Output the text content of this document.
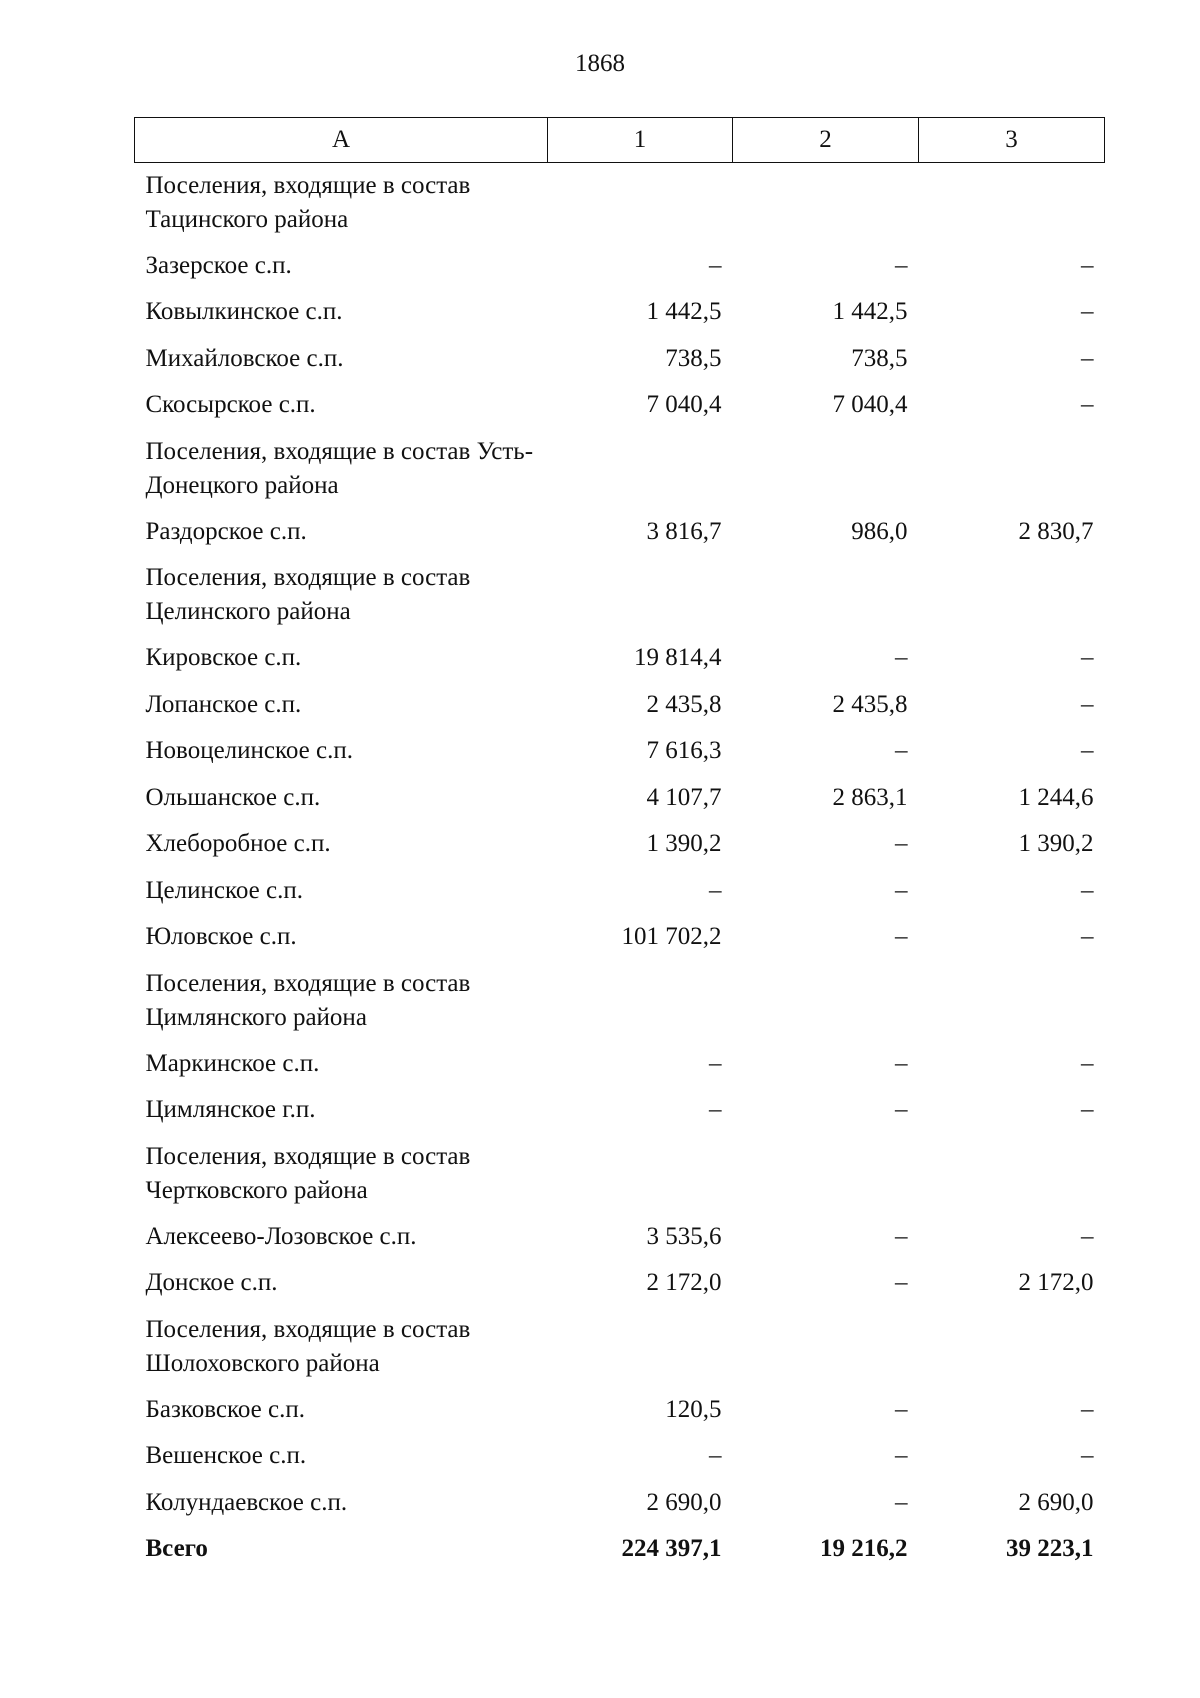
1868
А	1	2	3
Поселения, входящие в состав Тацинского района			
Зазерское с.п.	–	–	–
Ковылкинское с.п.	1 442,5	1 442,5	–
Михайловское с.п.	738,5	738,5	–
Скосырское с.п.	7 040,4	7 040,4	–
Поселения, входящие в состав Усть-Донецкого района			
Раздорское с.п.	3 816,7	986,0	2 830,7
Поселения, входящие в состав Целинского района			
Кировское с.п.	19 814,4	–	–
Лопанское с.п.	2 435,8	2 435,8	–
Новоцелинское с.п.	7 616,3	–	–
Ольшанское с.п.	4 107,7	2 863,1	1 244,6
Хлеборобное с.п.	1 390,2	–	1 390,2
Целинское с.п.	–	–	–
Юловское с.п.	101 702,2	–	–
Поселения, входящие в состав Цимлянского района			
Маркинское с.п.	–	–	–
Цимлянское г.п.	–	–	–
Поселения, входящие в состав Чертковского района			
Алексеево-Лозовское с.п.	3 535,6	–	–
Донское с.п.	2 172,0	–	2 172,0
Поселения, входящие в состав Шолоховского района			
Базковское с.п.	120,5	–	–
Вешенское с.п.	–	–	–
Колундаевское с.п.	2 690,0	–	2 690,0
Всего	224 397,1	19 216,2	39 223,1
